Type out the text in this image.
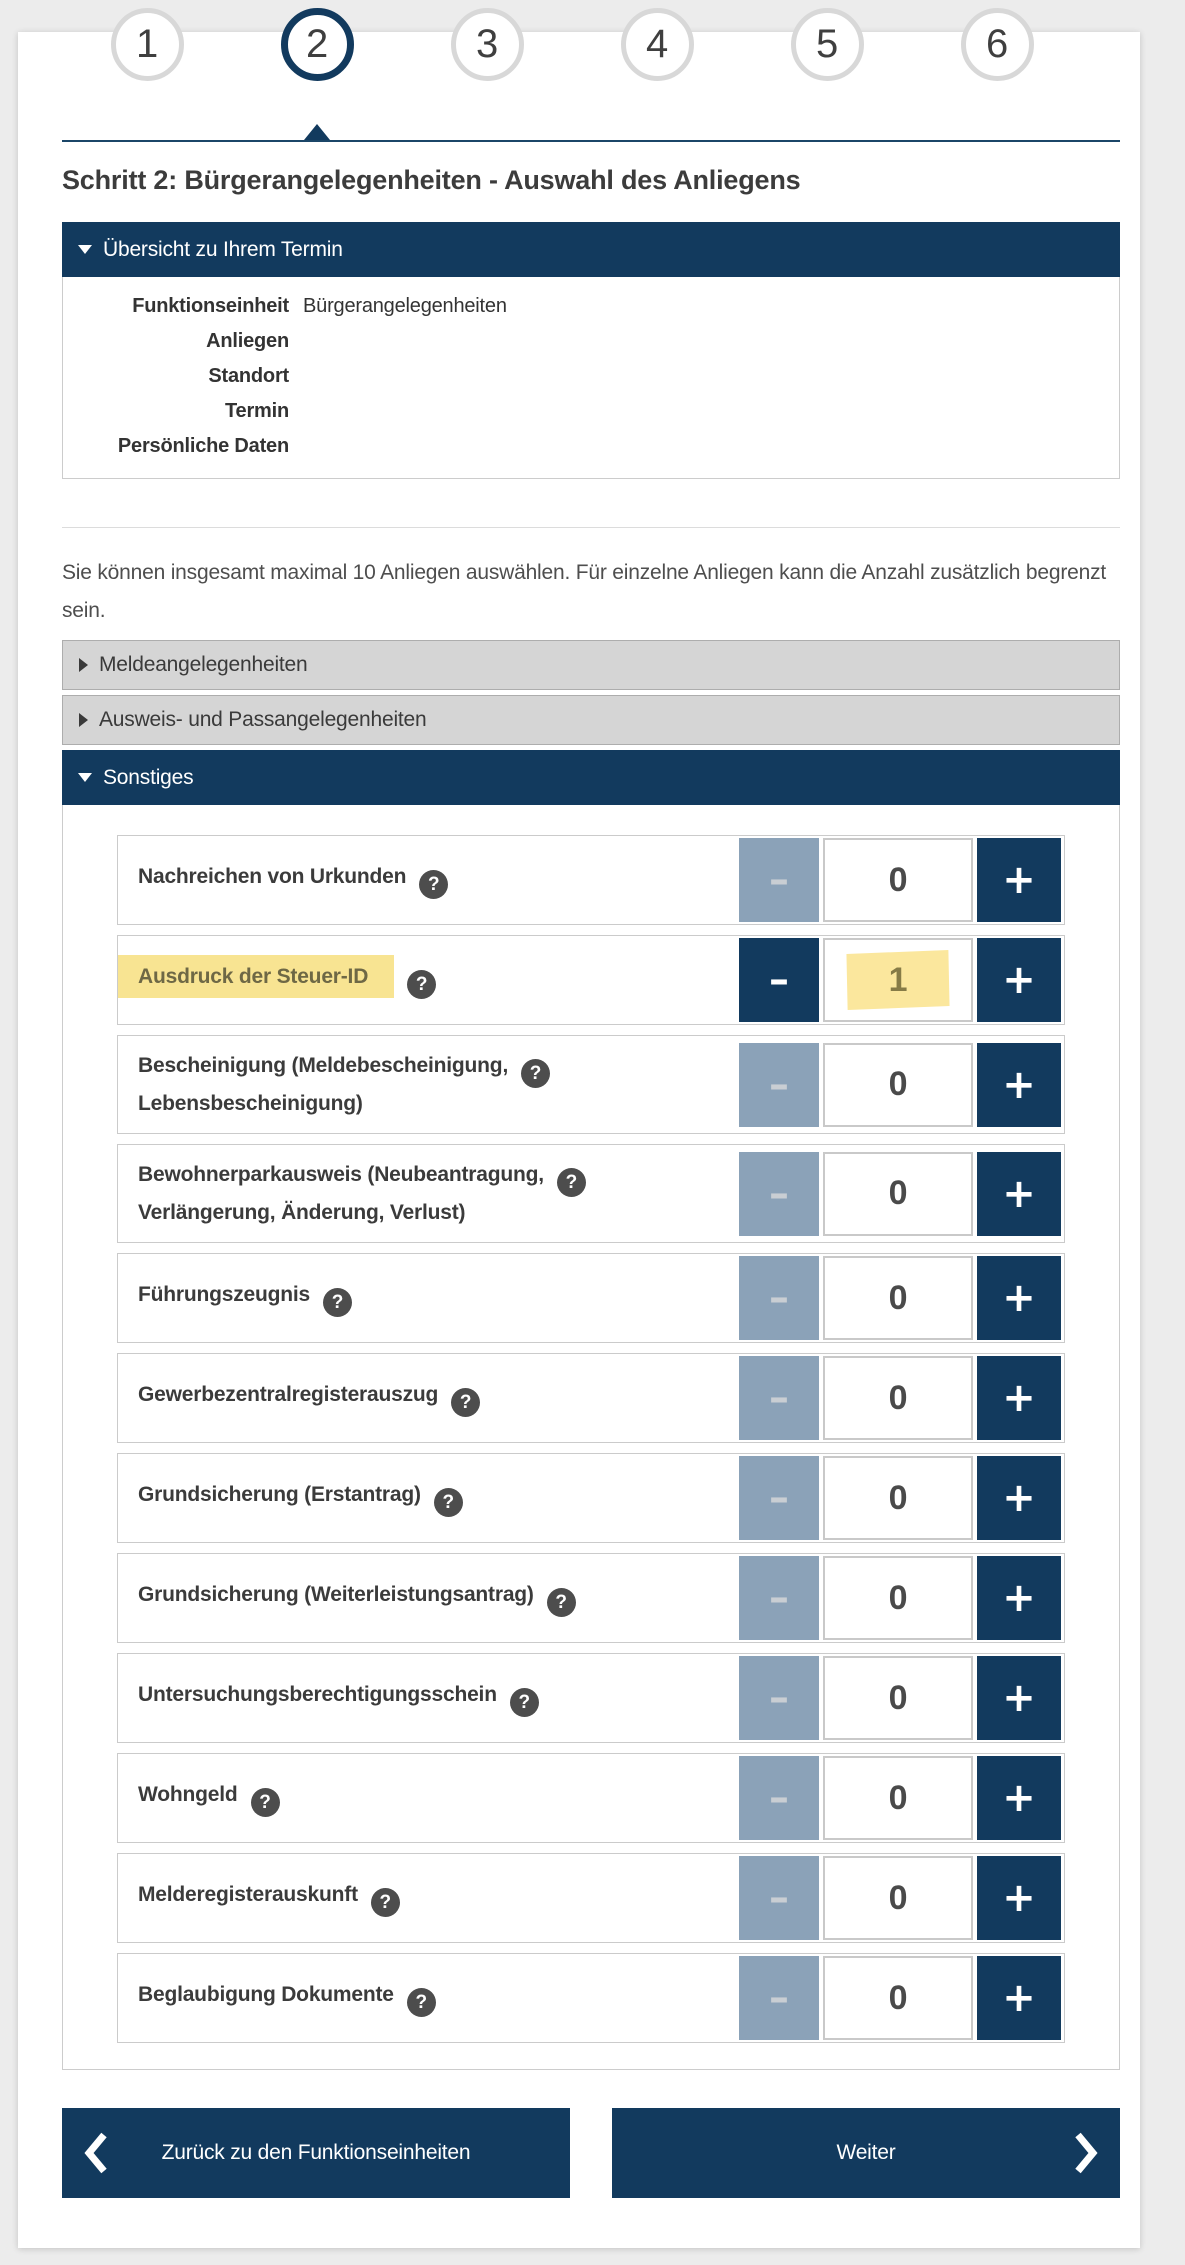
1	2	3	4	5	6
Schritt 2: Bürgerangelegenheiten - Auswahl des Anliegens
Übersicht zu Ihrem Termin
Funktionseinheit Bürgerangelegenheiten
Anliegen
Standort
Termin
Persönliche Daten

Sie können insgesamt maximal 10 Anliegen auswählen. Für einzelne Anliegen kann die Anzahl zusätzlich begrenzt sein.

Meldeangelegenheiten
Ausweis- und Passangelegenheiten
Sonstiges
Nachreichen von Urkunden ?	–	0	+
Ausdruck der Steuer-ID	?	–	1	+
Bescheinigung (Meldebescheinigung, ?
Lebensbescheinigung)	–	0	+
Bewohnerparkausweis (Neubeantragung, ?
Verlängerung, Änderung, Verlust)	–	0	+
Führungszeugnis ?	–	0	+
Gewerbezentralregisterauszug ?	–	0	+
Grundsicherung (Erstantrag) ?	–	0	+
Grundsicherung (Weiterleistungsantrag) ?	–	0	+
Untersuchungsberechtigungsschein ?	–	0	+
Wohngeld ?	–	0	+
Melderegisterauskunft ?	–	0	+
Beglaubigung Dokumente ?	–	0	+
Zurück zu den Funktionseinheiten	Weiter
